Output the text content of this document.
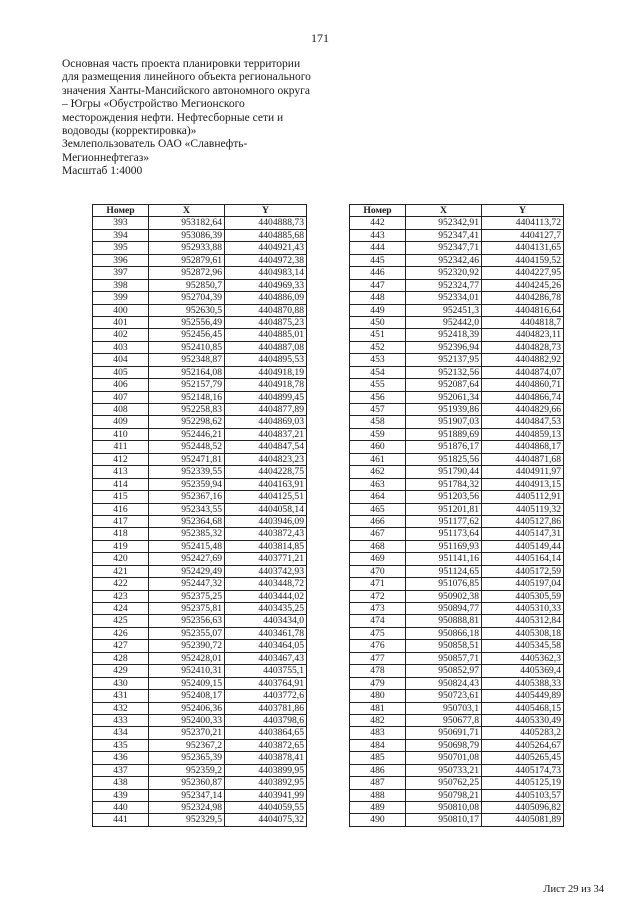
171
Основная часть проекта планировки территории
для размещения линейного объекта регионального
значения Ханты-Мансийского автономного округа
– Югры «Обустройство Мегионского
месторождения нефти. Нефтесборные сети и
водоводы (корректировка)»
Землепользователь ОАО «Славнефть-
Мегионнефтегаз»
Масштаб 1:4000
Номер	X	Y
393	953182,64	4404888,73
394	953086,39	4404885,68
395	952933,88	4404921,43
396	952879,61	4404972,38
397	952872,96	4404983,14
398	952850,7	4404969,33
399	952704,39	4404886,09
400	952630,5	4404870,88
401	952556,49	4404875,23
402	952456,45	4404885,01
403	952410,85	4404887,08
404	952348,87	4404895,53
405	952164,08	4404918,19
406	952157,79	4404918,78
407	952148,16	4404899,45
408	952258,83	4404877,89
409	952298,62	4404869,03
410	952446,21	4404837,21
411	952448,52	4404847,54
412	952471,81	4404823,23
413	952339,55	4404228,75
414	952359,94	4404163,91
415	952367,16	4404125,51
416	952343,55	4404058,14
417	952364,68	4403946,09
418	952385,32	4403872,43
419	952415,48	4403814,85
420	952427,69	4403771,21
421	952429,49	4403742,93
422	952447,32	4403448,72
423	952375,25	4403444,02
424	952375,81	4403435,25
425	952356,63	4403434,0
426	952355,07	4403461,78
427	952390,72	4403464,05
428	952428,01	4403467,43
429	952410,31	4403755,1
430	952409,15	4403764,91
431	952408,17	4403772,6
432	952406,36	4403781,86
433	952400,33	4403798,6
434	952370,21	4403864,65
435	952367,2	4403872,65
436	952365,39	4403878,41
437	952359,2	4403899,95
438	952360,87	4403892,95
439	952347,14	4403941,99
440	952324,98	4404059,55
441	952329,5	4404075,32
Номер	X	Y
442	952342,91	4404113,72
443	952347,41	4404127,7
444	952347,71	4404131,65
445	952342,46	4404159,52
446	952320,92	4404227,95
447	952324,77	4404245,26
448	952334,01	4404286,78
449	952451,3	4404816,64
450	952442,0	4404818,7
451	952418,39	4404823,11
452	952396,94	4404828,73
453	952137,95	4404882,92
454	952132,56	4404874,07
455	952087,64	4404860,71
456	952061,34	4404866,74
457	951939,86	4404829,66
458	951907,03	4404847,53
459	951889,69	4404859,13
460	951876,17	4404868,17
461	951825,56	4404871,68
462	951790,44	4404911,97
463	951784,32	4404913,15
464	951203,56	4405112,91
465	951201,81	4405119,32
466	951177,62	4405127,86
467	951173,64	4405147,31
468	951169,93	4405149,44
469	951141,16	4405164,14
470	951124,65	4405172,59
471	951076,85	4405197,04
472	950902,38	4405305,59
473	950894,77	4405310,33
474	950888,81	4405312,84
475	950866,18	4405308,18
476	950858,51	4405345,58
477	950857,71	4405362,3
478	950852,97	4405369,4
479	950824,43	4405388,33
480	950723,61	4405449,89
481	950703,1	4405468,15
482	950677,8	4405330,49
483	950691,71	4405283,2
484	950698,79	4405264,67
485	950701,08	4405265,45
486	950733,21	4405174,73
487	950762,25	4405125,19
488	950798,21	4405103,57
489	950810,08	4405096,82
490	950810,17	4405081,89
Лист 29 из 34
